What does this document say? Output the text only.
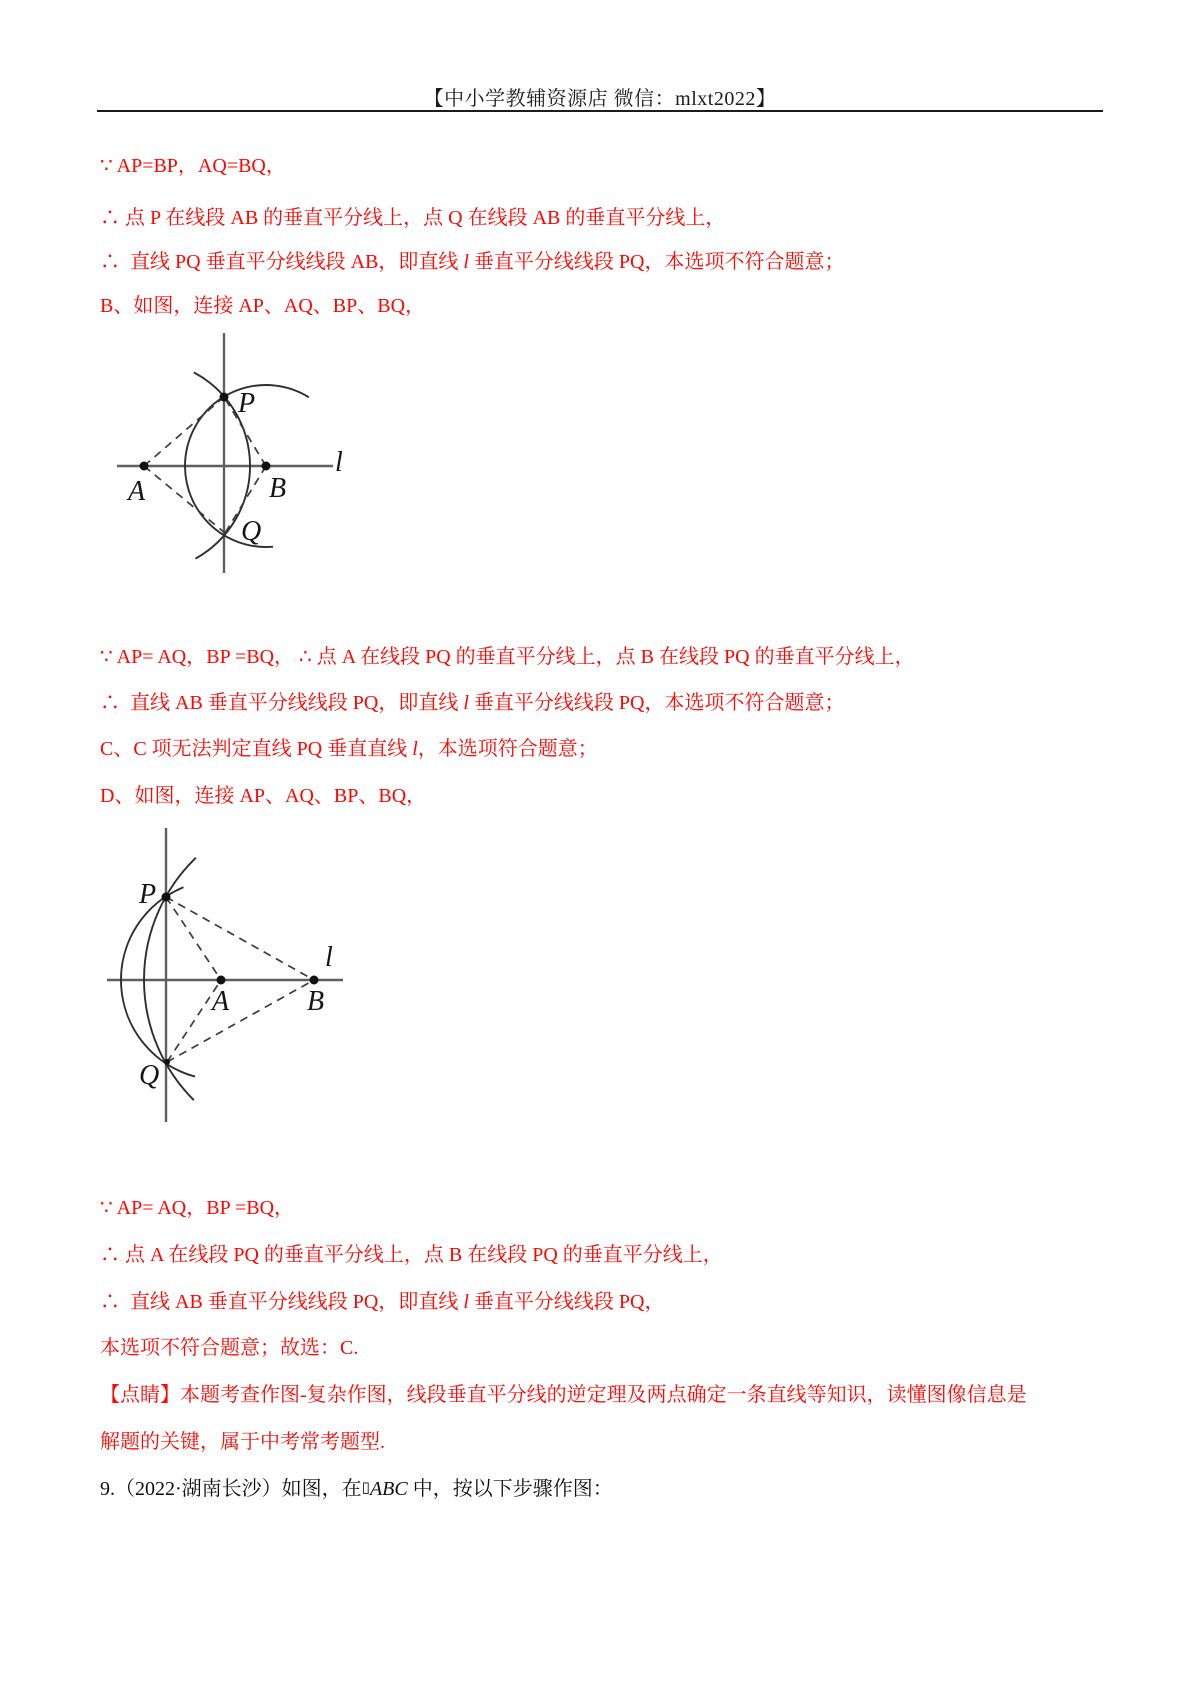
【中小学教辅资源店 微信：mlxt2022】
∵ AP=BP，AQ=BQ，
∴ 点 P 在线段 AB 的垂直平分线上，点 Q 在线段 AB 的垂直平分线上，
∴  直线 PQ 垂直平分线线段 AB，即直线 l 垂直平分线线段 PQ，本选项不符合题意；
B、如图，连接 AP、AQ、BP、BQ，
∵ AP= AQ，BP =BQ， ∴ 点 A 在线段 PQ 的垂直平分线上，点 B 在线段 PQ 的垂直平分线上，
∴  直线 AB 垂直平分线线段 PQ，即直线 l 垂直平分线线段 PQ，本选项不符合题意；
C、C 项无法判定直线 PQ 垂直直线 l，本选项符合题意；
D、如图，连接 AP、AQ、BP、BQ，
∵ AP= AQ，BP =BQ，
∴ 点 A 在线段 PQ 的垂直平分线上，点 B 在线段 PQ 的垂直平分线上，
∴  直线 AB 垂直平分线线段 PQ，即直线 l 垂直平分线线段 PQ，
本选项不符合题意；故选：C.
【点睛】本题考查作图-复杂作图，线段垂直平分线的逆定理及两点确定一条直线等知识，读懂图像信息是
解题的关键，属于中考常考题型.
9.（2022·湖南长沙）如图，在▯ABC 中，按以下步骤作图：
P
Q
A	B
l
P
Q
A	B
l
